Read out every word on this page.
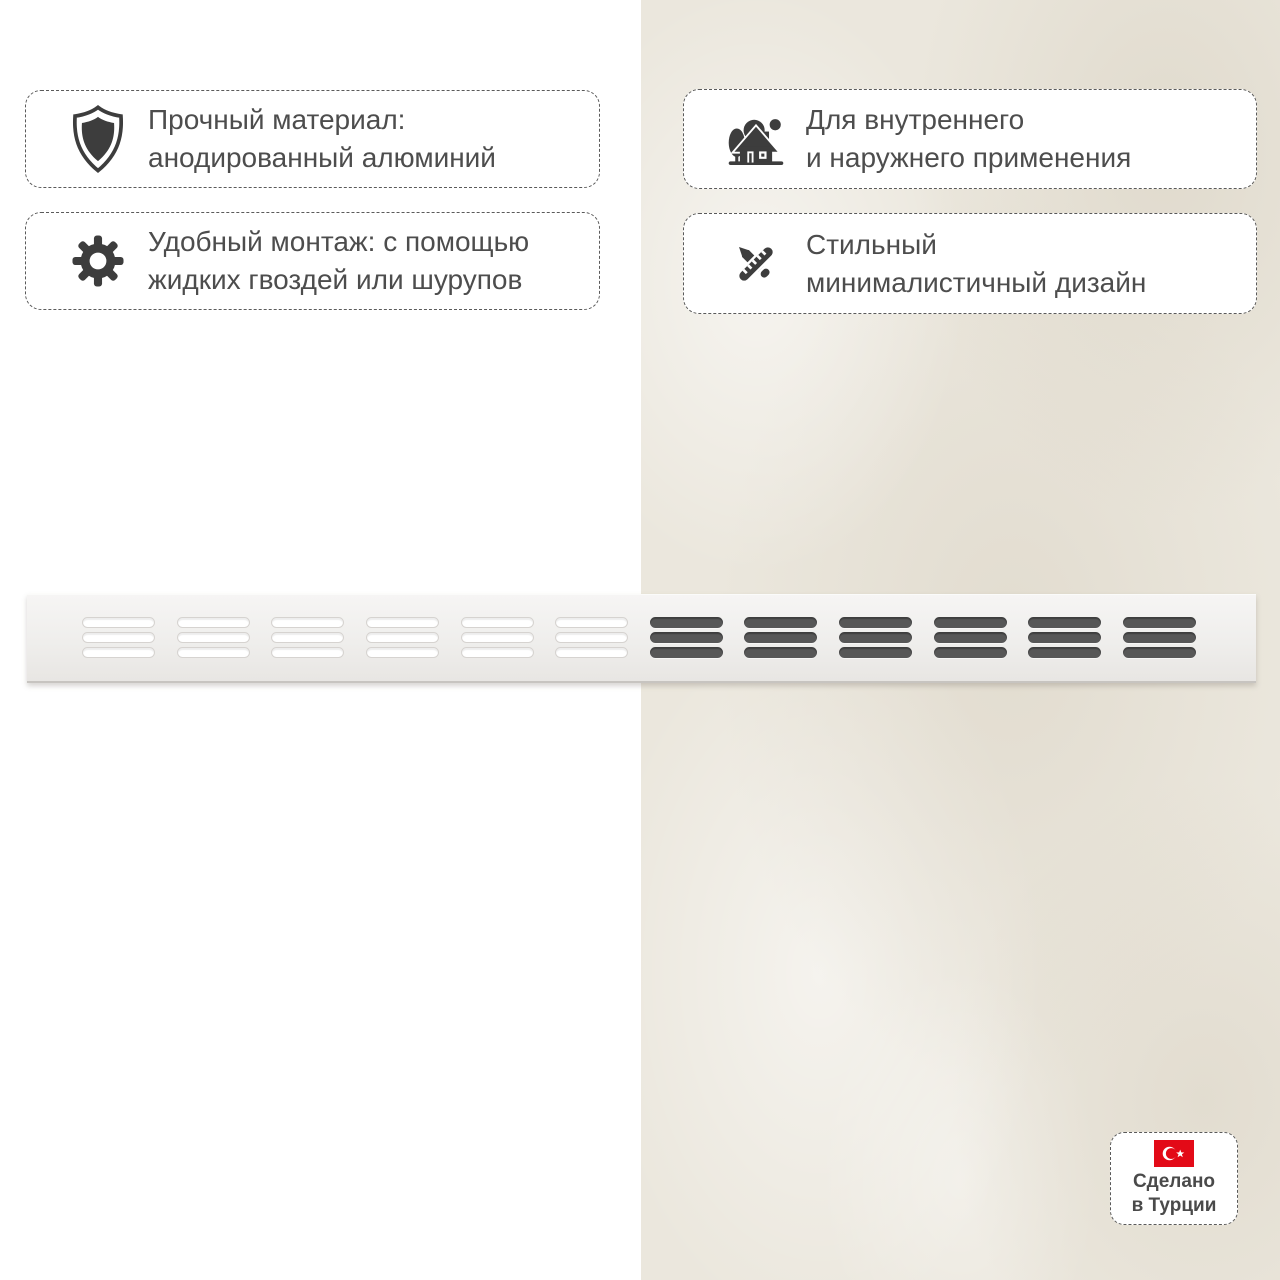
Прочный материал:
анодированный алюминий
Удобный монтаж: с помощью
жидких гвоздей или шурупов
Для внутреннего
и наружнего применения
Стильный
минималистичный дизайн
Сделано
в Турции
